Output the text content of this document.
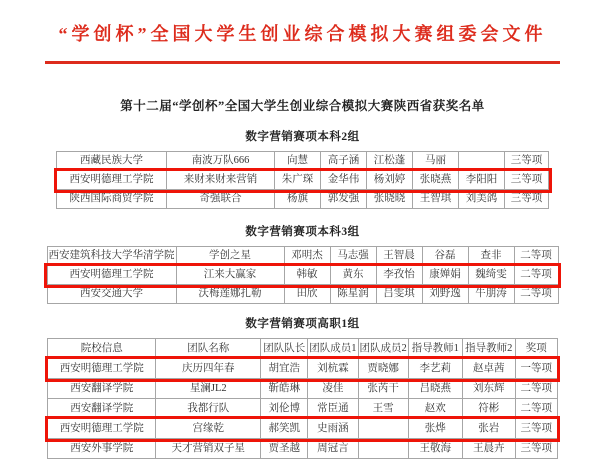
“学创杯”全国大学生创业综合模拟大赛组委会文件
第十二届“学创杯”全国大学生创业综合模拟大赛陕西省获奖名单
数字营销赛项本科2组
西藏民族大学	南波万队666	向慧	高子涵	江松蓬	马丽		三等项
西安明德理工学院	来财来财来营销	朱广琛	金华伟	杨刘婷	张晓燕	李阳阳	三等项
陕西国际商贸学院	奇强联合	杨旗	郭发强	张晓晓	王智琪	刘美鸽	三等项
数字营销赛项本科3组
西安建筑科技大学华清学院	学创之星	邓明杰	马志强	王智晨	谷磊	查非	二等项
西安明德理工学院	江来大赢家	韩敏	黄东	李孜怡	康婵娟	魏绮雯	二等项
西安交通大学	沃梅莲娜扎勒	田欣	陈星润	吕雯琪	刘野逸	牛朋涛	二等项
数字营销赛项高职1组
院校信息	团队名称	团队队长	团队成员1	团队成员2	指导教师1	指导教师2	奖项
西安明德理工学院	庆历四年春	胡宜浩	刘杭霖	贾晓娜	李艺莉	赵卓茜	一等项
西安翻译学院	星澜JL2	靳皓琳	凌佳	张芮干	吕晓燕	刘东辉	二等项
西安翻译学院	我都行队	刘伦博	常臣通	王雪	赵欢	符彬	二等项
西安明德理工学院	宫缘乾	郝笑凯	史雨涵		张烨	张岩	三等项
西安外事学院	天才营销双子星	贾圣越	周冠言		王敬海	王晨卉	三等项
